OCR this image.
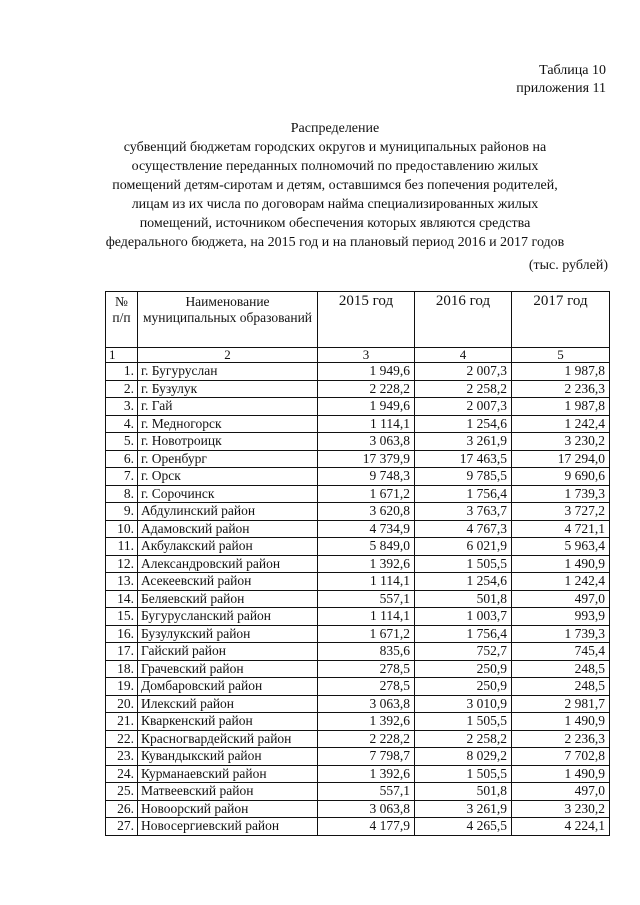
Таблица 10
приложения 11
Распределение
субвенций бюджетам городских округов и муниципальных районов на
осуществление переданных полномочий по предоставлению жилых
помещений детям-сиротам и детям, оставшимся без попечения родителей,
лицам из их числа по договорам найма специализированных жилых
помещений, источником обеспечения которых являются средства
федерального бюджета, на 2015 год и на плановый период 2016 и 2017 годов
(тыс. рублей)
№ п/п	Наименование муниципальных образований	2015 год	2016 год	2017 год
1	2	3	4	5
1.	г. Бугуруслан	1 949,6	2 007,3	1 987,8
2.	г. Бузулук	2 228,2	2 258,2	2 236,3
3.	г. Гай	1 949,6	2 007,3	1 987,8
4.	г. Медногорск	1 114,1	1 254,6	1 242,4
5.	г. Новотроицк	3 063,8	3 261,9	3 230,2
6.	г. Оренбург	17 379,9	17 463,5	17 294,0
7.	г. Орск	9 748,3	9 785,5	9 690,6
8.	г. Сорочинск	1 671,2	1 756,4	1 739,3
9.	Абдулинский район	3 620,8	3 763,7	3 727,2
10.	Адамовский район	4 734,9	4 767,3	4 721,1
11.	Акбулакский район	5 849,0	6 021,9	5 963,4
12.	Александровский район	1 392,6	1 505,5	1 490,9
13.	Асекеевский район	1 114,1	1 254,6	1 242,4
14.	Беляевский район	557,1	501,8	497,0
15.	Бугурусланский район	1 114,1	1 003,7	993,9
16.	Бузулукский район	1 671,2	1 756,4	1 739,3
17.	Гайский район	835,6	752,7	745,4
18.	Грачевский район	278,5	250,9	248,5
19.	Домбаровский район	278,5	250,9	248,5
20.	Илекский район	3 063,8	3 010,9	2 981,7
21.	Кваркенский район	1 392,6	1 505,5	1 490,9
22.	Красногвардейский район	2 228,2	2 258,2	2 236,3
23.	Кувандыкский район	7 798,7	8 029,2	7 702,8
24.	Курманаевский район	1 392,6	1 505,5	1 490,9
25.	Матвеевский район	557,1	501,8	497,0
26.	Новоорский район	3 063,8	3 261,9	3 230,2
27.	Новосергиевский район	4 177,9	4 265,5	4 224,1
